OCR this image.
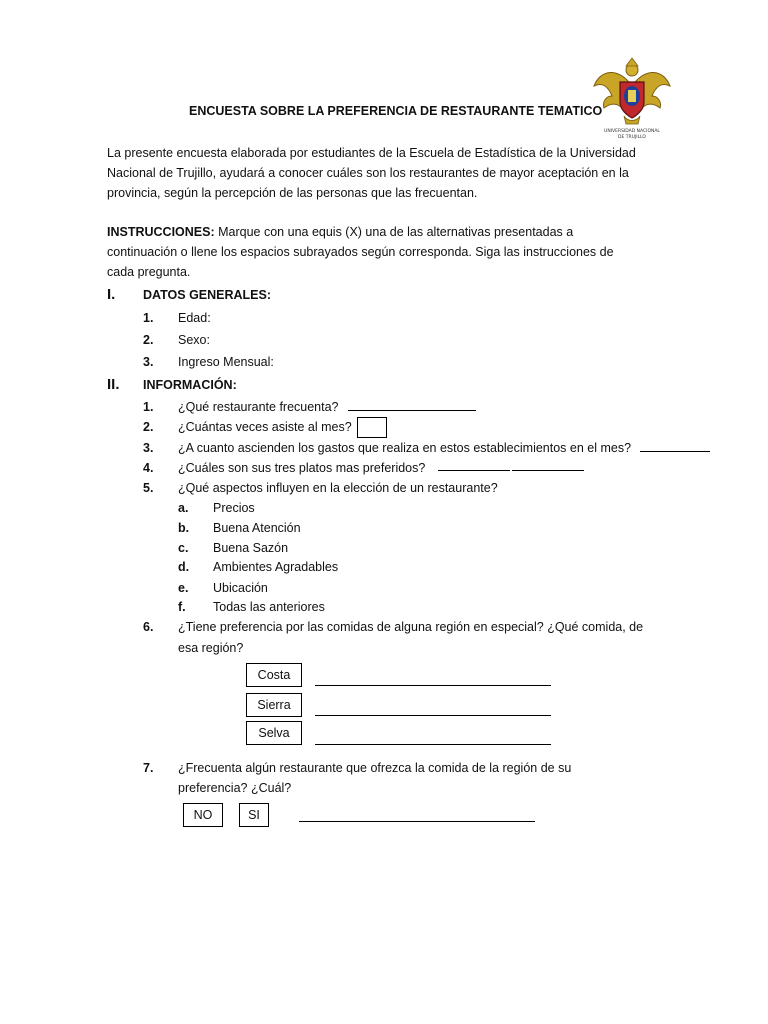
UNIVERSIDAD NACIONAL
DE TRUJILLO
ENCUESTA SOBRE LA PREFERENCIA DE RESTAURANTE TEMATICO
La presente encuesta elaborada por estudiantes de la Escuela de Estadística de la Universidad Nacional de Trujillo, ayudará a conocer cuáles son los restaurantes de mayor aceptación en la provincia, según la percepción de las personas que las frecuentan.
INSTRUCCIONES: Marque con una equis (X) una de las alternativas presentadas a continuación o llene los espacios subrayados según corresponda. Siga las instrucciones de cada pregunta.
I. DATOS GENERALES:
1. Edad:
2. Sexo:
3. Ingreso Mensual:
II. INFORMACIÓN:
1. ¿Qué restaurante frecuenta?
2. ¿Cuántas veces asiste al mes?
3. ¿A cuanto ascienden los gastos que realiza en estos establecimientos en el mes?
4. ¿Cuáles son sus tres platos mas preferidos?
5. ¿Qué aspectos influyen en la elección de un restaurante?
a. Precios
b. Buena Atención
c. Buena Sazón
d. Ambientes Agradables
e. Ubicación
f. Todas las anteriores
6. ¿Tiene preferencia por las comidas de alguna región en especial? ¿Qué comida, de
esa región?
Costa
Sierra
Selva
7. ¿Frecuenta algún restaurante que ofrezca la comida de la región de su
preferencia? ¿Cuál?
NO	SI
